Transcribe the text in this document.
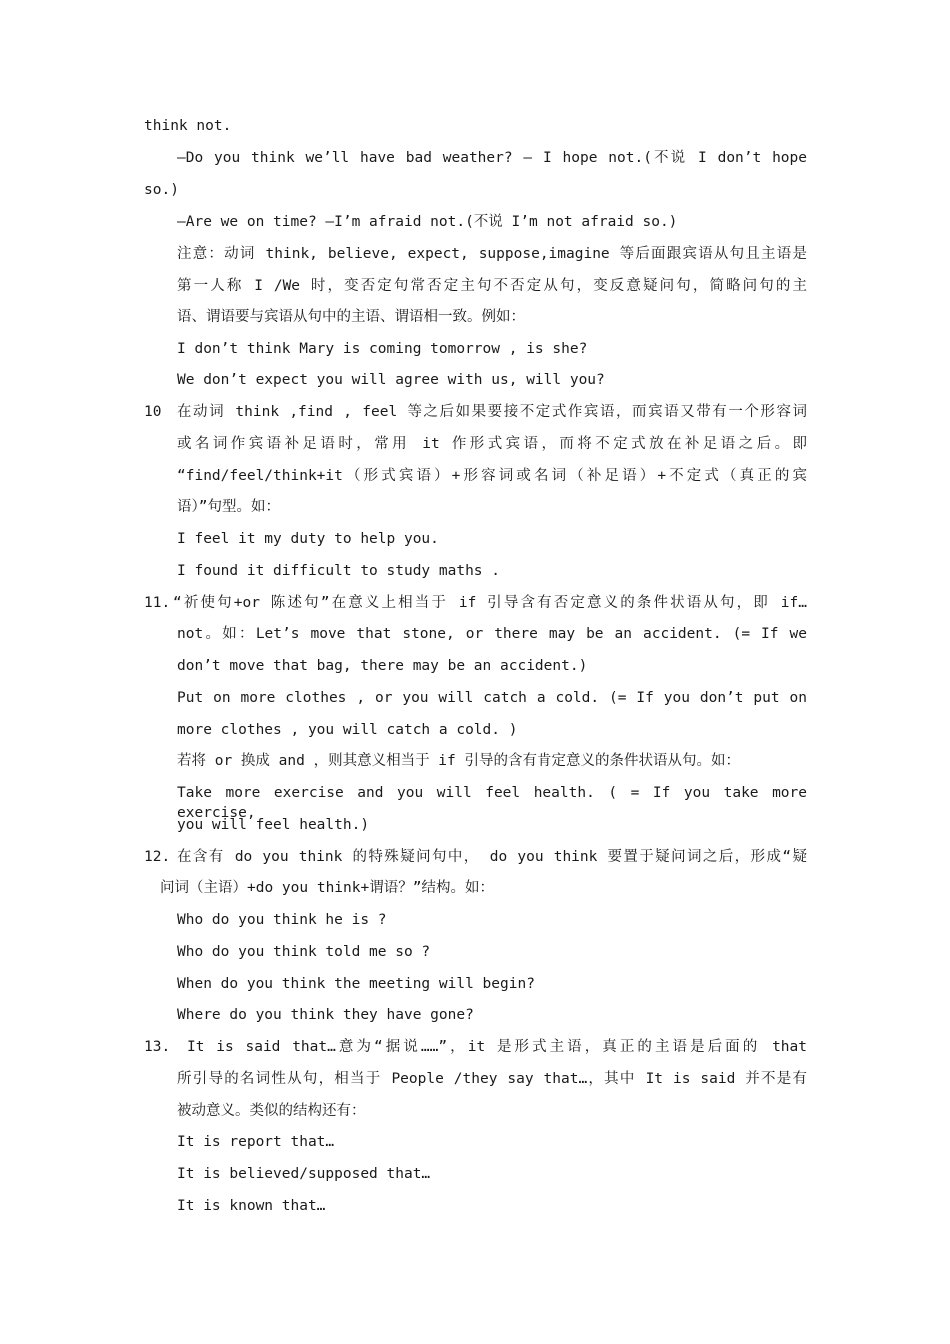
think not.
—Do you think we’ll have bad weather? — I hope not.(不说 I don’t hope
so.)
—Are we on time? —I’m afraid not.(不说 I’m not afraid so.)
注意：动词 think, believe, expect, suppose,imagine 等后面跟宾语从句且主语是
第一人称 I /We 时，变否定句常否定主句不否定从句，变反意疑问句，简略问句的主
语、谓语要与宾语从句中的主语、谓语相一致。例如：
I don’t think Mary is coming tomorrow , is she?
We don’t expect you will agree with us, will you?
10 在动词 think ,find , feel 等之后如果要接不定式作宾语，而宾语又带有一个形容词
或名词作宾语补足语时，常用 it 作形式宾语，而将不定式放在补足语之后。即
“find/feel/think+it（形式宾语）+形容词或名词（补足语）+不定式（真正的宾
语）”句型。如：
I feel it my duty to help you.
I found it difficult to study maths .
11. “祈使句+or 陈述句”在意义上相当于 if 引导含有否定意义的条件状语从句，即 if…
not。如：Let’s move that stone, or there may be an accident. (= If we
don’t move that bag, there may be an accident.)
Put on more clothes , or you will catch a cold. (= If you don’t put on
more clothes , you will catch a cold. )
若将 or 换成 and ，则其意义相当于 if 引导的含有肯定意义的条件状语从句。如：
Take more exercise and you will feel health. ( = If you take more exercise,
you will feel health.)
12. 在含有 do you think 的特殊疑问句中， do you think 要置于疑问词之后，形成“疑
问词（主语）+do you think+谓语？”结构。如：
Who do you think he is ?
Who do you think told me so ?
When do you think the meeting will begin?
Where do you think they have gone?
13. It is said that…意为“据说……”，it 是形式主语，真正的主语是后面的 that
所引导的名词性从句，相当于 People /they say that…，其中 It is said 并不是有
被动意义。类似的结构还有：
It is report that…
It is believed/supposed that…
It is known that…
